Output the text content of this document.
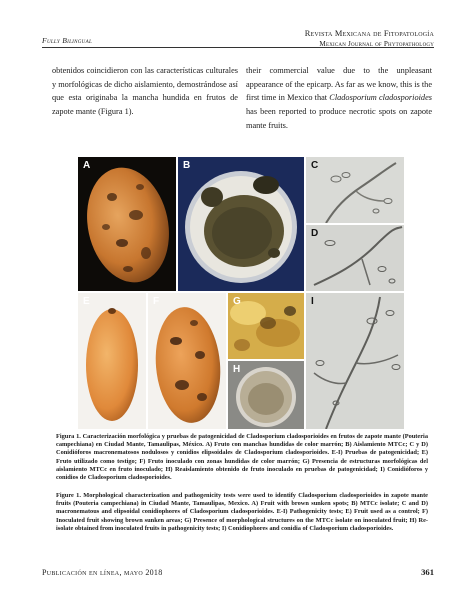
Fully Bilingual
Revista Mexicana de Fitopatología
Mexican Journal of Phytopathology

obtenidos coincidieron con las características culturales y morfológicas de dicho aislamiento, demostrándose así que esta originaba la mancha hundida en frutos de zapote mante (Figura 1).

their commercial value due to the unpleasant appearance of the epicarp. As far as we know, this is the first time in Mexico that Cladosporium cladosporioides has been reported to produce necrotic spots on zapote mante fruits.

A	B	C
D
E	F	G
H
I
Figura 1. Caracterización morfológica y pruebas de patogenicidad de Cladosporium cladosporioides en frutos de zapote mante (Pouteria campechiana) en Ciudad Mante, Tamaulipas, México. A) Fruto con manchas hundidas de color marrón; B) Aislamiento MTCc; C y D) Conidióforos macronematosos nodulosos y conidios elipsoidales de Cladosporium cladosporioides. E-I) Pruebas de patogenicidad; E) Fruto utilizado como testigo; F) Fruto inoculado con zonas hundidas de color marrón; G) Presencia de estructuras morfológicas del aislamiento MTCc en fruto inoculado; H) Reaislamiento obtenido de fruto inoculado en pruebas de patogenicidad; I) Conidióforos y conidios de Cladosporium cladosporioides.
Figure 1. Morphological characterization and pathogenicity tests were used to identify Cladosporium cladosporioides in zapote mante fruits (Pouteria campechiana) in Ciudad Mante, Tamaulipas, Mexico. A) Fruit with brown sunken spots; B) MTCc isolate; C and D) macronematous and elipsoidal conidiophores of Cladosporium cladosporioides. E-I) Pathogenicity tests; E) Fruit used as a control; F) Inoculated fruit showing brown sunken areas; G) Presence of morphological structures on the MTCc isolate on inoculated fruit; H) Re-isolate obtained from inoculated fruits in pathogenicity tests; I) Conidiophores and conidia of Cladosporium cladosporioides.
Publicación en línea, mayo 2018	361
